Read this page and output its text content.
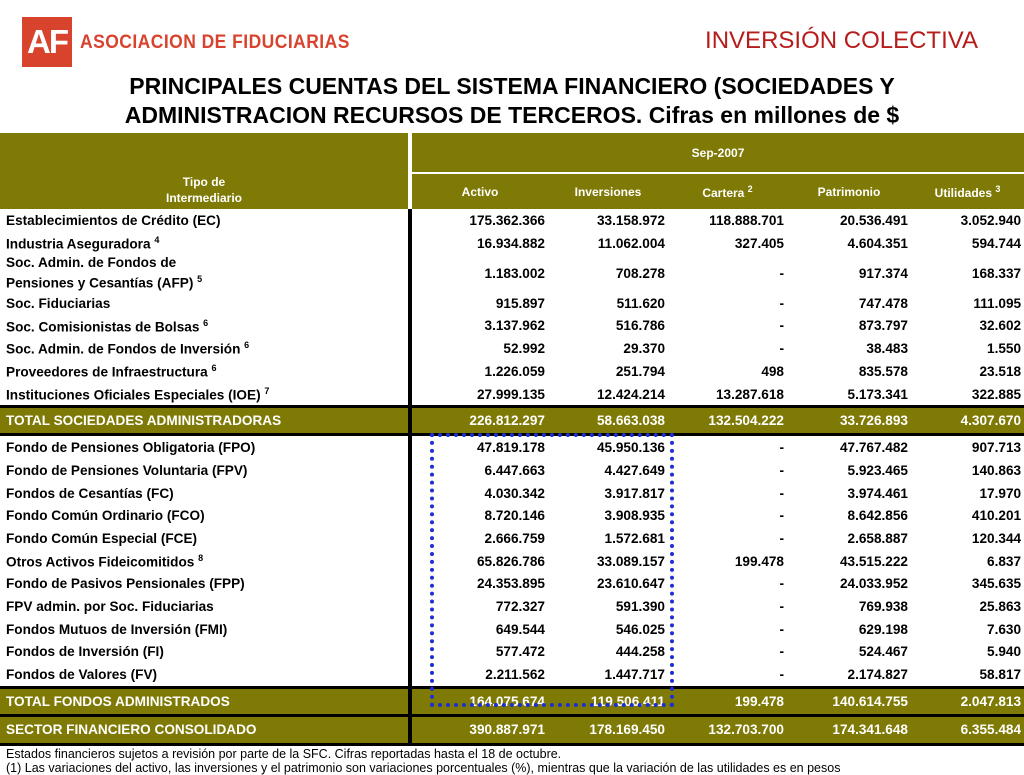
AF ASOCIACION DE FIDUCIARIAS	INVERSIÓN COLECTIVA
PRINCIPALES CUENTAS DEL SISTEMA FINANCIERO (SOCIEDADES Y
ADMINISTRACION RECURSOS DE TERCEROS. Cifras en millones de $
Tipo de
Intermediario	Sep-2007				
	Activo	Inversiones	Cartera $^2$	Patrimonio	Utilidades $^3$
Establecimientos de Crédito (EC)	175.362.366	33.158.972	118.888.701	20.536.491	3.052.940
Industria Aseguradora $^4$	16.934.882	11.062.004	327.405	4.604.351	594.744
Soc. Admin. de Fondos de
Pensiones y Cesantías (AFP) $^5$	1.183.002	708.278	-	917.374	168.337
Soc. Fiduciarias	915.897	511.620	-	747.478	111.095
Soc. Comisionistas de Bolsas $^6$	3.137.962	516.786	-	873.797	32.602
Soc. Admin. de Fondos de Inversión $^6$	52.992	29.370	-	38.483	1.550
Proveedores de Infraestructura $^6$	1.226.059	251.794	498	835.578	23.518
Instituciones Oficiales Especiales (IOE) $^7$	27.999.135	12.424.214	13.287.618	5.173.341	322.885
TOTAL SOCIEDADES ADMINISTRADORAS	226.812.297	58.663.038	132.504.222	33.726.893	4.307.670
Fondo de Pensiones Obligatoria (FPO)	47.819.178	45.950.136	-	47.767.482	907.713
Fondo de Pensiones Voluntaria (FPV)	6.447.663	4.427.649	-	5.923.465	140.863
Fondos de Cesantías (FC)	4.030.342	3.917.817	-	3.974.461	17.970
Fondo Común Ordinario (FCO)	8.720.146	3.908.935	-	8.642.856	410.201
Fondo Común Especial (FCE)	2.666.759	1.572.681	-	2.658.887	120.344
Otros Activos Fideicomitidos $^8$	65.826.786	33.089.157	199.478	43.515.222	6.837
Fondo de Pasivos Pensionales (FPP)	24.353.895	23.610.647	-	24.033.952	345.635
FPV admin. por Soc. Fiduciarias	772.327	591.390	-	769.938	25.863
Fondos Mutuos de Inversión (FMI)	649.544	546.025	-	629.198	7.630
Fondos de Inversión (FI)	577.472	444.258	-	524.467	5.940
Fondos de Valores (FV)	2.211.562	1.447.717	-	2.174.827	58.817
TOTAL FONDOS ADMINISTRADOS	164.075.674	119.506.411	199.478	140.614.755	2.047.813
SECTOR FINANCIERO CONSOLIDADO	390.887.971	178.169.450	132.703.700	174.341.648	6.355.484
Estados financieros sujetos a revisión por parte de la SFC. Cifras reportadas hasta el 18 de octubre.
(1) Las variaciones del activo, las inversiones y el patrimonio son variaciones porcentuales (%), mientras que la variación de las utilidades es en pesos
